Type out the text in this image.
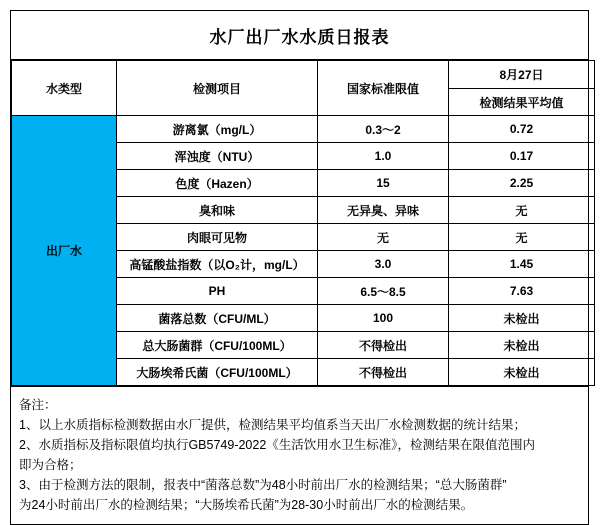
水厂出厂水水质日报表
水类型	检测项目	国家标准限值	8月27日
			检测结果平均值
出厂水	游离氯（mg/L）	0.3～2	0.72
	浑浊度（NTU）	1.0	0.17
	色度（Hazen）	15	2.25
	臭和味	无异臭、异味	无
	肉眼可见物	无	无
	高锰酸盐指数（以O₂计，mg/L）	3.0	1.45
	PH	6.5～8.5	7.63
	菌落总数（CFU/ML）	100	未检出
	总大肠菌群（CFU/100ML）	不得检出	未检出
	大肠埃希氏菌（CFU/100ML）	不得检出	未检出
备注：
1、以上水质指标检测数据由水厂提供，检测结果平均值系当天出厂水检测数据的统计结果；
2、水质指标及指标限值均执行GB5749-2022《生活饮用水卫生标准》，检测结果在限值范围内
即为合格；
3、由于检测方法的限制，报表中“菌落总数”为48小时前出厂水的检测结果；“总大肠菌群”
为24小时前出厂水的检测结果；“大肠埃希氏菌”为28-30小时前出厂水的检测结果。
